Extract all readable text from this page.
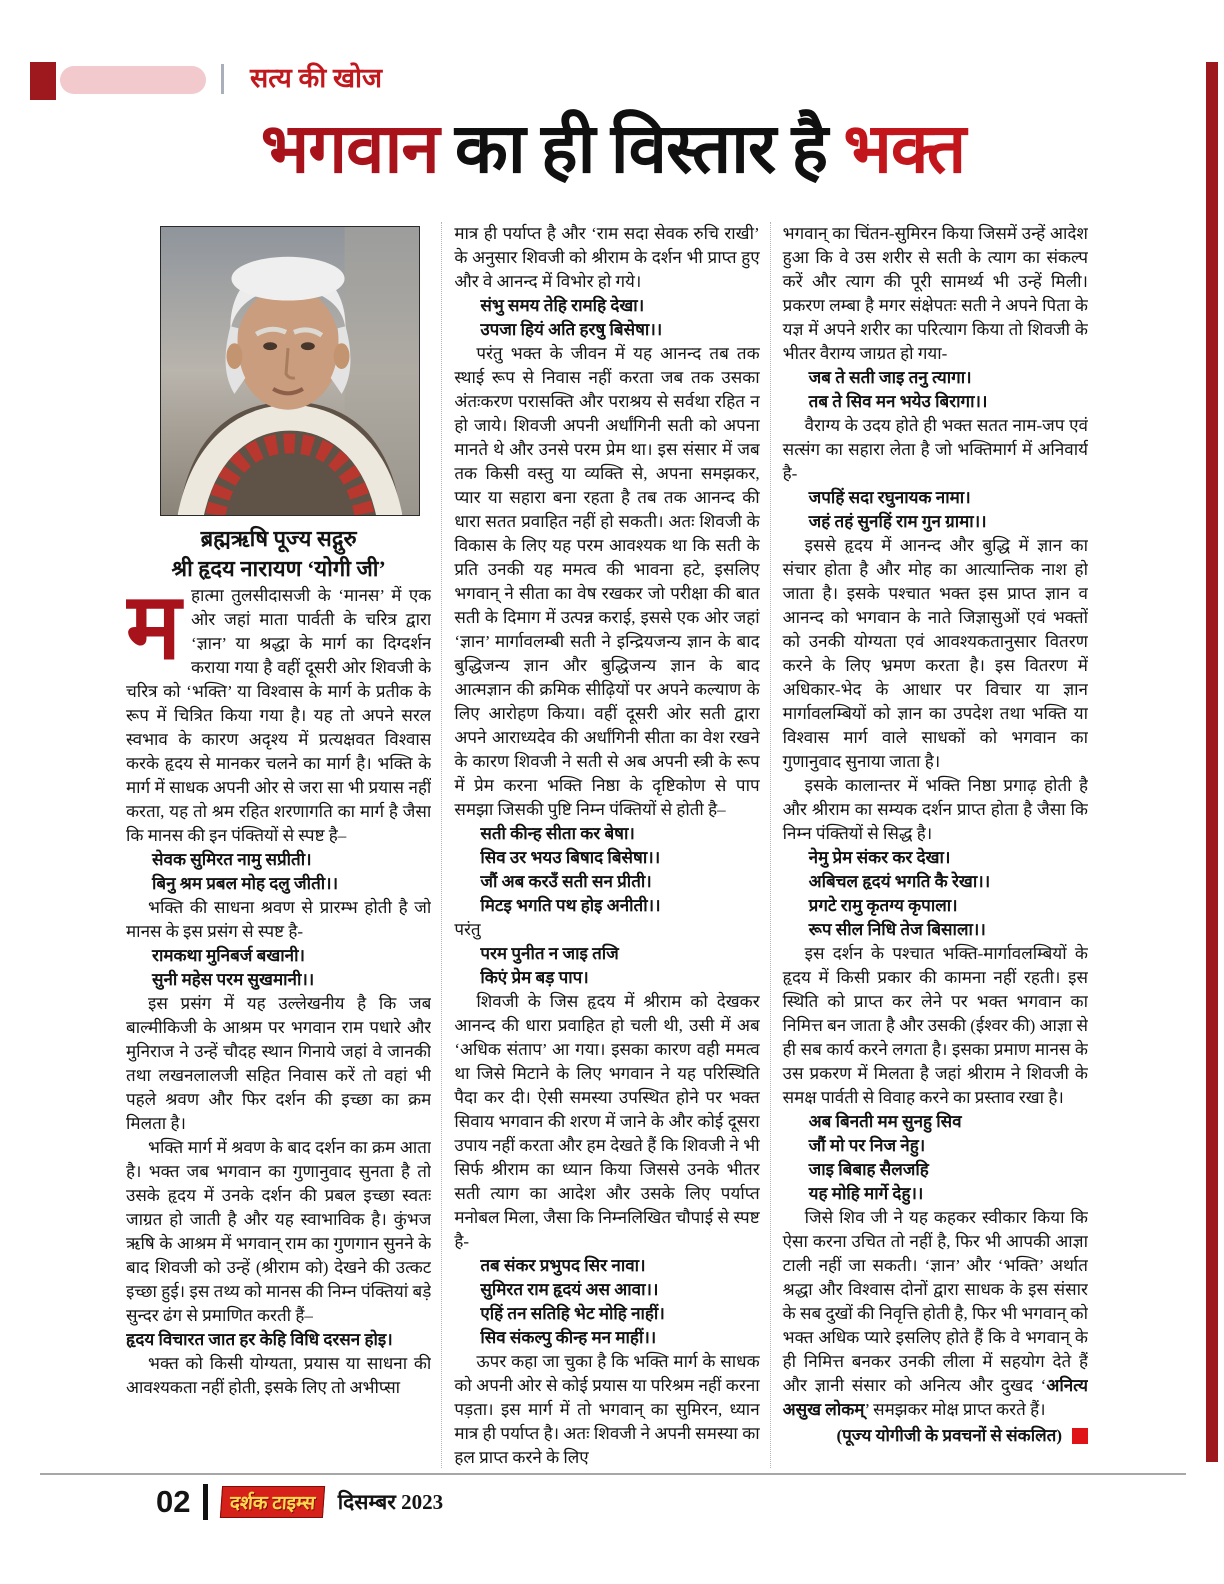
सत्य की खोज
भगवान का ही विस्तार है भक्त
ब्रह्मऋषि पूज्य सद्गुरु
श्री हृदय नारायण ‘योगी जी’

महात्मा तुलसीदासजी के ‘मानस’ में एक ओर जहां माता पार्वती के चरित्र द्वारा ‘ज्ञान’ या श्रद्धा के मार्ग का दिग्दर्शन कराया गया है वहीं दूसरी ओर शिवजी के चरित्र को ‘भक्ति’ या विश्वास के मार्ग के प्रतीक के रूप में चित्रित किया गया है। यह तो अपने सरल स्वभाव के कारण अदृश्य में प्रत्यक्षवत विश्वास करके हृदय से मानकर चलने का मार्ग है। भक्ति के मार्ग में साधक अपनी ओर से जरा सा भी प्रयास नहीं करता, यह तो श्रम रहित शरणागति का मार्ग है जैसा कि मानस की इन पंक्तियों से स्पष्ट है–

सेवक सुमिरत नामु सप्रीती।
बिनु श्रम प्रबल मोह दलु जीती।।

भक्ति की साधना श्रवण से प्रारम्भ होती है जो मानस के इस प्रसंग से स्पष्ट है-

रामकथा मुनिबर्ज बखानी।
सुनी महेस परम सुखमानी।।

इस प्रसंग में यह उल्लेखनीय है कि जब बाल्मीकिजी के आश्रम पर भगवान राम पधारे और मुनिराज ने उन्हें चौदह स्थान गिनाये जहां वे जानकी तथा लखनलालजी सहित निवास करें तो वहां भी पहले श्रवण और फिर दर्शन की इच्छा का क्रम मिलता है।

भक्ति मार्ग में श्रवण के बाद दर्शन का क्रम आता है। भक्त जब भगवान का गुणानुवाद सुनता है तो उसके हृदय में उनके दर्शन की प्रबल इच्छा स्वतः जाग्रत हो जाती है और यह स्वाभाविक है। कुंभज ऋषि के आश्रम में भगवान् राम का गुणगान सुनने के बाद शिवजी को उन्हें (श्रीराम को) देखने की उत्कट इच्छा हुई। इस तथ्य को मानस की निम्न पंक्तियां बड़े सुन्दर ढंग से प्रमाणित करती हैं–

हृदय विचारत जात हर केहि विधि दरसन होइ।

भक्त को किसी योग्यता, प्रयास या साधना की आवश्यकता नहीं होती, इसके लिए तो अभीप्सा

मात्र ही पर्याप्त है और ‘राम सदा सेवक रुचि राखी’ के अनुसार शिवजी को श्रीराम के दर्शन भी प्राप्त हुए और वे आनन्द में विभोर हो गये।

संभु समय तेहि रामहि देखा।
उपजा हियं अति हरषु बिसेषा।।

परंतु भक्त के जीवन में यह आनन्द तब तक स्थाई रूप से निवास नहीं करता जब तक उसका अंतःकरण परासक्ति और पराश्रय से सर्वथा रहित न हो जाये। शिवजी अपनी अर्धांगिनी सती को अपना मानते थे और उनसे परम प्रेम था। इस संसार में जब तक किसी वस्तु या व्यक्ति से, अपना समझकर, प्यार या सहारा बना रहता है तब तक आनन्द की धारा सतत प्रवाहित नहीं हो सकती। अतः शिवजी के विकास के लिए यह परम आवश्यक था कि सती के प्रति उनकी यह ममत्व की भावना हटे, इसलिए भगवान् ने सीता का वेष रखकर जो परीक्षा की बात सती के दिमाग में उत्पन्न कराई, इससे एक ओर जहां ‘ज्ञान’ मार्गावलम्बी सती ने इन्द्रियजन्य ज्ञान के बाद बुद्धिजन्य ज्ञान और बुद्धिजन्य ज्ञान के बाद आत्मज्ञान की क्रमिक सीढ़ियों पर अपने कल्याण के लिए आरोहण किया। वहीं दूसरी ओर सती द्वारा अपने आराध्यदेव की अर्धांगिनी सीता का वेश रखने के कारण शिवजी ने सती से अब अपनी स्त्री के रूप में प्रेम करना भक्ति निष्ठा के दृष्टिकोण से पाप समझा जिसकी पुष्टि निम्न पंक्तियों से होती है–

सती कीन्ह सीता कर बेषा।
सिव उर भयउ बिषाद बिसेषा।।
जौं अब करउँ सती सन प्रीती।
मिटइ भगति पथ होइ अनीती।।

परंतु

परम पुनीत न जाइ तजि
किएं प्रेम बड़ पाप।

शिवजी के जिस हृदय में श्रीराम को देखकर आनन्द की धारा प्रवाहित हो चली थी, उसी में अब ‘अधिक संताप’ आ गया। इसका कारण वही ममत्व था जिसे मिटाने के लिए भगवान ने यह परिस्थिति पैदा कर दी। ऐसी समस्या उपस्थित होने पर भक्त सिवाय भगवान की शरण में जाने के और कोई दूसरा उपाय नहीं करता और हम देखते हैं कि शिवजी ने भी सिर्फ श्रीराम का ध्यान किया जिससे उनके भीतर सती त्याग का आदेश और उसके लिए पर्याप्त मनोबल मिला, जैसा कि निम्नलिखित चौपाई से स्पष्ट है-

तब संकर प्रभुपद सिर नावा।
सुमिरत राम हृदयं अस आवा।।
एहिं तन सतिहि भेट मोहि नाहीं।
सिव संकल्पु कीन्ह मन माहीं।।

ऊपर कहा जा चुका है कि भक्ति मार्ग के साधक को अपनी ओर से कोई प्रयास या परिश्रम नहीं करना पड़ता। इस मार्ग में तो भगवान् का सुमिरन, ध्यान मात्र ही पर्याप्त है। अतः शिवजी ने अपनी समस्या का हल प्राप्त करने के लिए

भगवान् का चिंतन-सुमिरन किया जिसमें उन्हें आदेश हुआ कि वे उस शरीर से सती के त्याग का संकल्प करें और त्याग की पूरी सामर्थ्य भी उन्हें मिली। प्रकरण लम्बा है मगर संक्षेपतः सती ने अपने पिता के यज्ञ में अपने शरीर का परित्याग किया तो शिवजी के भीतर वैराग्य जाग्रत हो गया-

जब ते सती जाइ तनु त्यागा।
तब ते सिव मन भयेउ बिरागा।।

वैराग्य के उदय होते ही भक्त सतत नाम-जप एवं सत्संग का सहारा लेता है जो भक्तिमार्ग में अनिवार्य है-

जपहिं सदा रघुनायक नामा।
जहं तहं सुनहिं राम गुन ग्रामा।।

इससे हृदय में आनन्द और बुद्धि में ज्ञान का संचार होता है और मोह का आत्यान्तिक नाश हो जाता है। इसके पश्चात भक्त इस प्राप्त ज्ञान व आनन्द को भगवान के नाते जिज्ञासुओं एवं भक्तों को उनकी योग्यता एवं आवश्यकतानुसार वितरण करने के लिए भ्रमण करता है। इस वितरण में अधिकार-भेद के आधार पर विचार या ज्ञान मार्गावलम्बियों को ज्ञान का उपदेश तथा भक्ति या विश्वास मार्ग वाले साधकों को भगवान का गुणानुवाद सुनाया जाता है।

इसके कालान्तर में भक्ति निष्ठा प्रगाढ़ होती है और श्रीराम का सम्यक दर्शन प्राप्त होता है जैसा कि निम्न पंक्तियों से सिद्ध है।

नेमु प्रेम संकर कर देखा।
अबिचल हृदयं भगति कै रेखा।।
प्रगटे रामु कृतग्य कृपाला।
रूप सील निधि तेज बिसाला।।

इस दर्शन के पश्चात भक्ति-मार्गावलम्बियों के हृदय में किसी प्रकार की कामना नहीं रहती। इस स्थिति को प्राप्त कर लेने पर भक्त भगवान का निमित्त बन जाता है और उसकी (ईश्वर की) आज्ञा से ही सब कार्य करने लगता है। इसका प्रमाण मानस के उस प्रकरण में मिलता है जहां श्रीराम ने शिवजी के समक्ष पार्वती से विवाह करने का प्रस्ताव रखा है।

अब बिनती मम सुनहु सिव
जौं मो पर निज नेहु।
जाइ बिबाह सैलजहि
यह मोहि मार्गे देहु।।

जिसे शिव जी ने यह कहकर स्वीकार किया कि ऐसा करना उचित तो नहीं है, फिर भी आपकी आज्ञा टाली नहीं जा सकती। ‘ज्ञान’ और ‘भक्ति’ अर्थात श्रद्धा और विश्वास दोनों द्वारा साधक के इस संसार के सब दुखों की निवृत्ति होती है, फिर भी भगवान् को भक्त अधिक प्यारे इसलिए होते हैं कि वे भगवान् के ही निमित्त बनकर उनकी लीला में सहयोग देते हैं और ज्ञानी संसार को अनित्य और दुखद ‘अनित्य असुख लोकम्’ समझकर मोक्ष प्राप्त करते हैं।

(पूज्य योगीजी के प्रवचनों से संकलित)
02	दर्शक टाइम्स	दिसम्बर 2023
